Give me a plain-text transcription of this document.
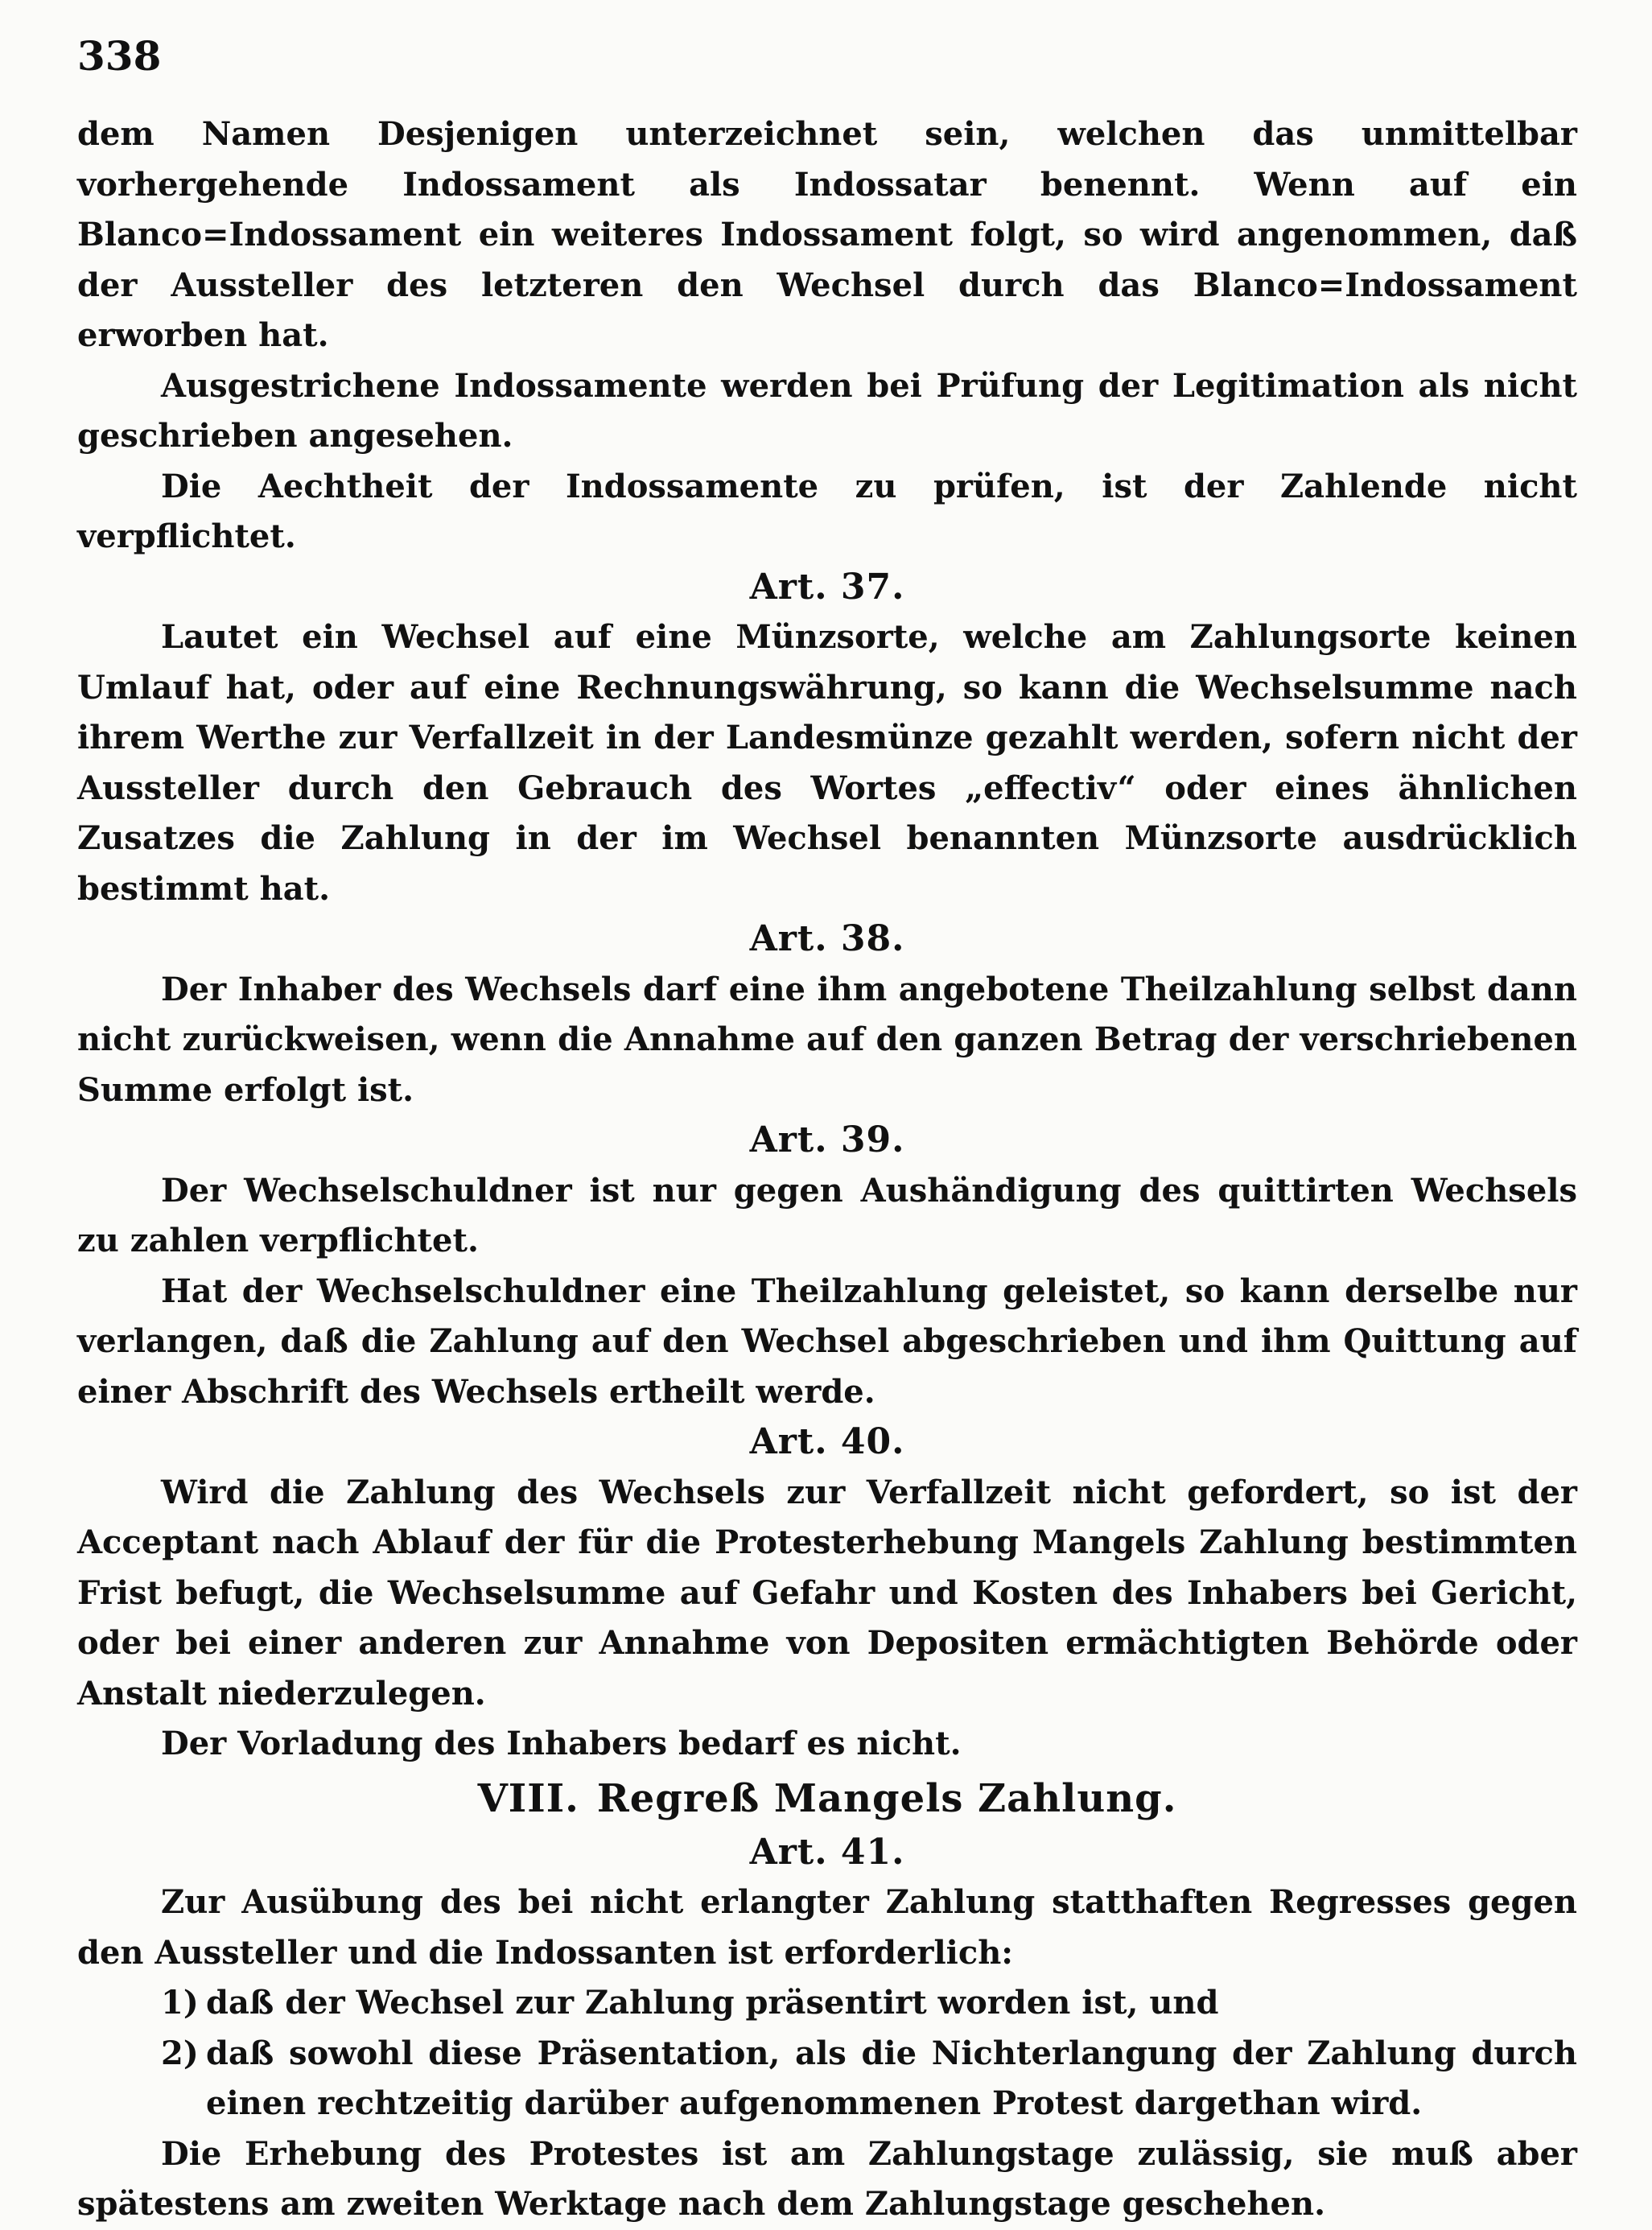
338

dem Namen Desjenigen unterzeichnet sein, welchen das unmittelbar vorhergehende Indossament als Indossatar benennt. Wenn auf ein Blanco=Indossament ein weiteres Indossament folgt, so wird angenommen, daß der Aussteller des letzteren den Wechsel durch das Blanco=Indossament erworben hat.

Ausgestrichene Indossamente werden bei Prüfung der Legitimation als nicht geschrieben angesehen.

Die Aechtheit der Indossamente zu prüfen, ist der Zahlende nicht verpflichtet.

Art. 37.

Lautet ein Wechsel auf eine Münzsorte, welche am Zahlungsorte keinen Umlauf hat, oder auf eine Rechnungswährung, so kann die Wechselsumme nach ihrem Werthe zur Verfallzeit in der Landesmünze gezahlt werden, sofern nicht der Aussteller durch den Gebrauch des Wortes „effectiv“ oder eines ähnlichen Zusatzes die Zahlung in der im Wechsel benannten Münzsorte ausdrücklich bestimmt hat.

Art. 38.

Der Inhaber des Wechsels darf eine ihm angebotene Theilzahlung selbst dann nicht zurückweisen, wenn die Annahme auf den ganzen Betrag der verschriebenen Summe erfolgt ist.

Art. 39.

Der Wechselschuldner ist nur gegen Aushändigung des quittirten Wechsels zu zahlen verpflichtet.

Hat der Wechselschuldner eine Theilzahlung geleistet, so kann derselbe nur verlangen, daß die Zahlung auf den Wechsel abgeschrieben und ihm Quittung auf einer Abschrift des Wechsels ertheilt werde.

Art. 40.

Wird die Zahlung des Wechsels zur Verfallzeit nicht gefordert, so ist der Acceptant nach Ablauf der für die Protesterhebung Mangels Zahlung bestimmten Frist befugt, die Wechselsumme auf Gefahr und Kosten des Inhabers bei Gericht, oder bei einer anderen zur Annahme von Depositen ermächtigten Behörde oder Anstalt niederzulegen.

Der Vorladung des Inhabers bedarf es nicht.

VIII. Regreß Mangels Zahlung.
Art. 41.

Zur Ausübung des bei nicht erlangter Zahlung statthaften Regresses gegen den Aussteller und die Indossanten ist erforderlich:

1) daß der Wechsel zur Zahlung präsentirt worden ist, und

2) daß sowohl diese Präsentation, als die Nichterlangung der Zahlung durch einen rechtzeitig darüber aufgenommenen Protest dargethan wird.

Die Erhebung des Protestes ist am Zahlungstage zulässig, sie muß aber spätestens am zweiten Werktage nach dem Zahlungstage geschehen.
